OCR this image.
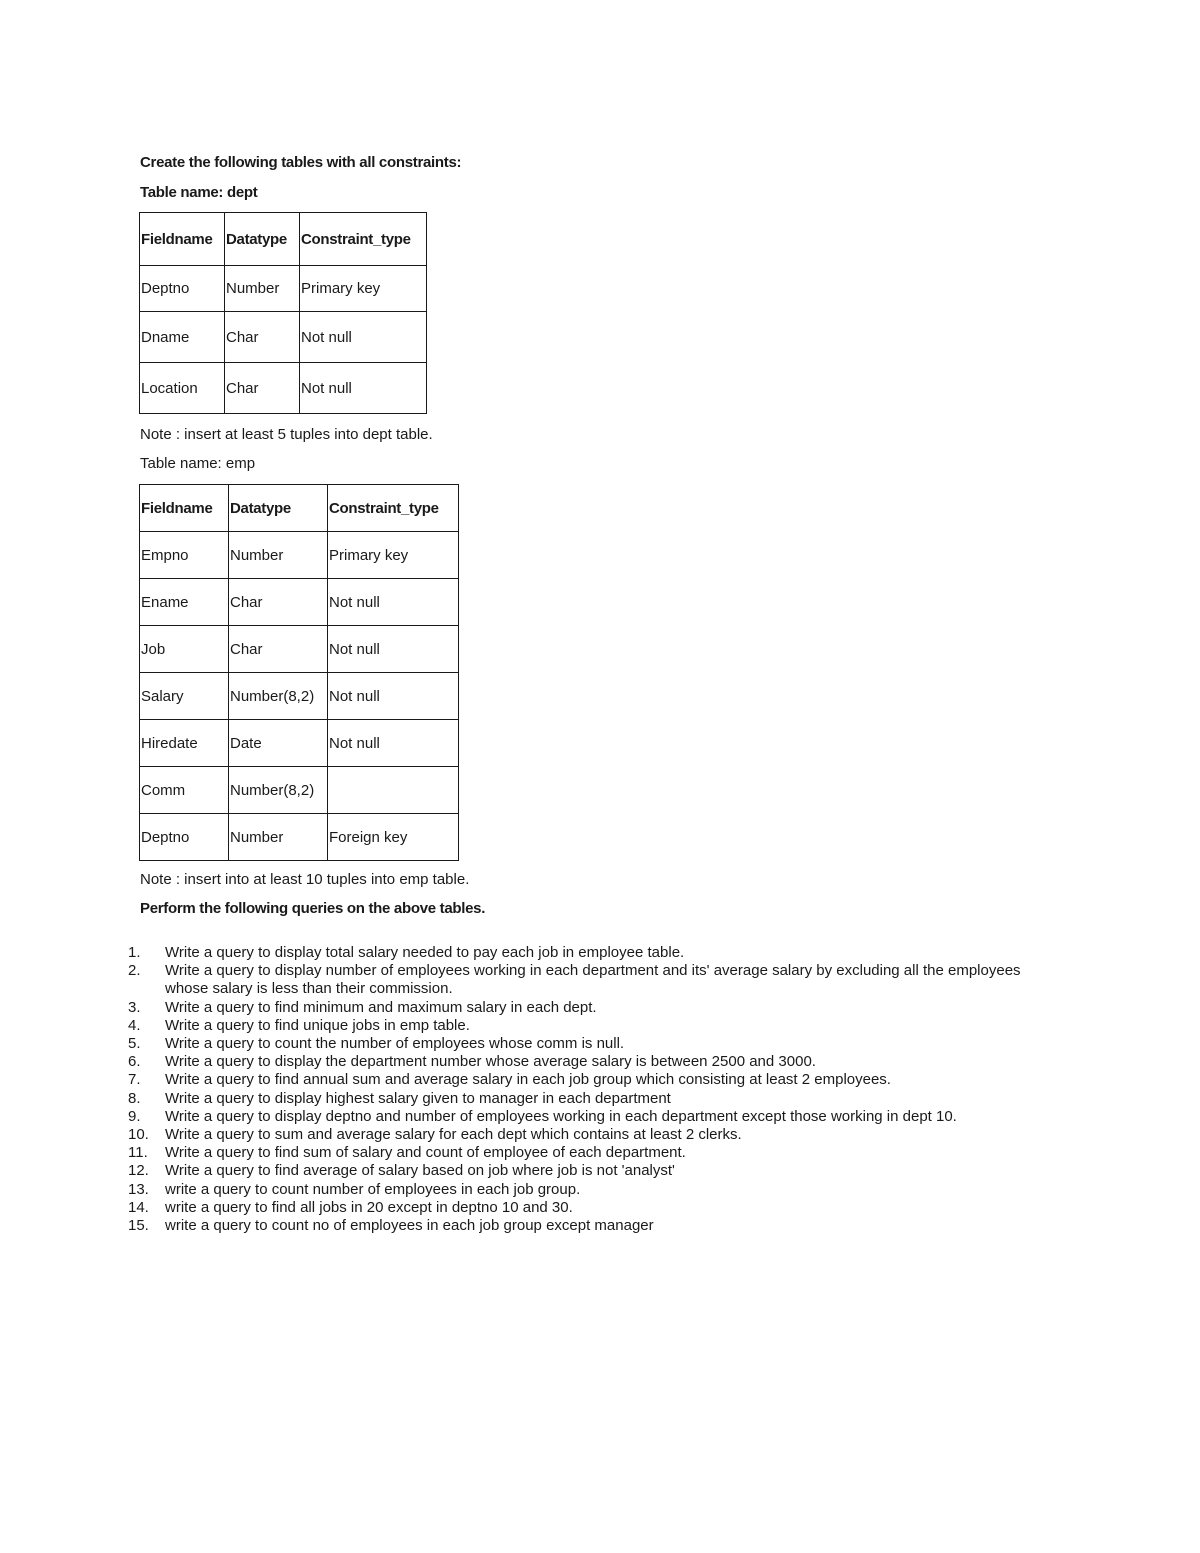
Create the following tables with all constraints:
Table name: dept
Fieldname	Datatype	Constraint_type
Deptno	Number	Primary key
Dname	Char	Not null
Location	Char	Not null
Note : insert at least 5 tuples into dept table.
Table name: emp
Fieldname	Datatype	Constraint_type
Empno	Number	Primary key
Ename	Char	Not null
Job	Char	Not null
Salary	Number(8,2)	Not null
Hiredate	Date	Not null
Comm	Number(8,2)	
Deptno	Number	Foreign key
Note : insert into at least 10 tuples into emp table.
Perform the following queries on the above tables.
1. Write a query to display total salary needed to pay each job in employee table.
2. Write a query to display number of employees working in each department and its' average salary by excluding all the employees whose salary is less than their commission.
3. Write a query to find minimum and maximum salary in each dept.
4. Write a query to find unique jobs in emp table.
5. Write a query to count the number of employees whose comm is null.
6. Write a query to display the department number whose average salary is between 2500 and 3000.
7. Write a query to find annual sum and average salary in each job group which consisting at least 2 employees.
8. Write a query to display highest salary given to manager in each department
9. Write a query to display deptno and number of employees working in each department except those working in dept 10.
10. Write a query to sum and average salary for each dept which contains at least 2 clerks.
11. Write a query to find sum of salary and count of employee of each department.
12. Write a query to find average of salary based on job where job is not 'analyst'
13. write a query to count number of employees in each job group.
14. write a query to find all jobs in 20 except in deptno 10 and 30.
15. write a query to count no of employees in each job group except manager
